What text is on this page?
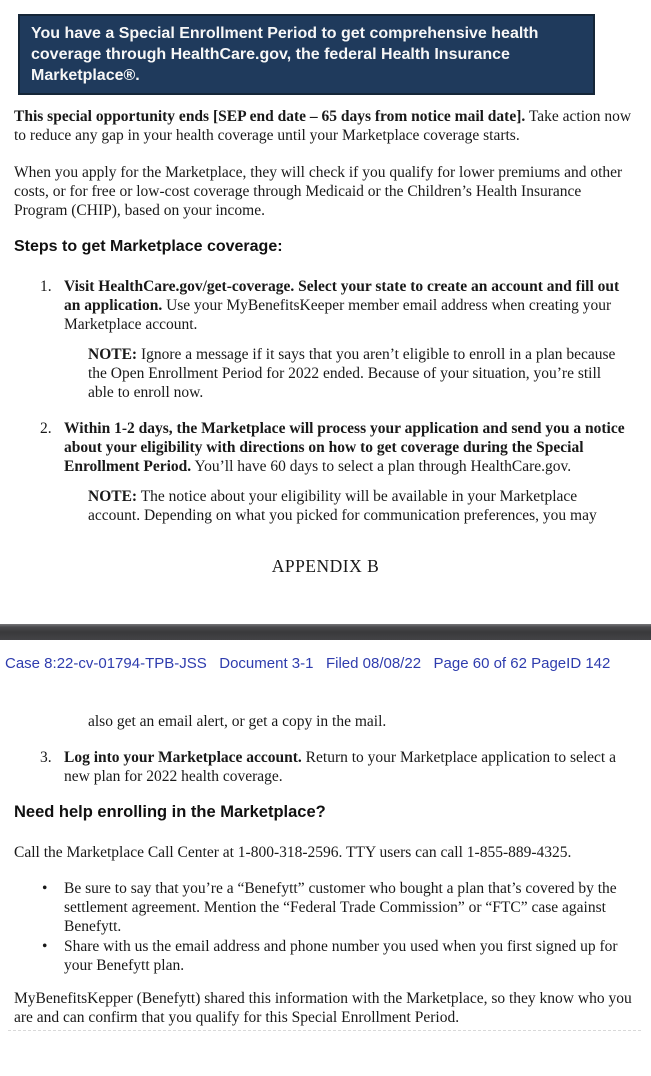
You have a Special Enrollment Period to get comprehensive health coverage through HealthCare.gov, the federal Health Insurance Marketplace®.

This special opportunity ends [SEP end date – 65 days from notice mail date]. Take action now to reduce any gap in your health coverage until your Marketplace coverage starts.

When you apply for the Marketplace, they will check if you qualify for lower premiums and other costs, or for free or low-cost coverage through Medicaid or the Children’s Health Insurance Program (CHIP), based on your income.

Steps to get Marketplace coverage:
1. Visit HealthCare.gov/get-coverage. Select your state to create an account and fill out an application. Use your MyBenefitsKeeper member email address when creating your Marketplace account.

NOTE: Ignore a message if it says that you aren’t eligible to enroll in a plan because the Open Enrollment Period for 2022 ended. Because of your situation, you’re still able to enroll now.

2. Within 1-2 days, the Marketplace will process your application and send you a notice about your eligibility with directions on how to get coverage during the Special Enrollment Period. You’ll have 60 days to select a plan through HealthCare.gov.

NOTE: The notice about your eligibility will be available in your Marketplace account. Depending on what you picked for communication preferences, you may

APPENDIX B
Case 8:22-cv-01794-TPB-JSS   Document 3-1   Filed 08/08/22   Page 60 of 62 PageID 142

also get an email alert, or get a copy in the mail.

3. Log into your Marketplace account. Return to your Marketplace application to select a new plan for 2022 health coverage.
Need help enrolling in the Marketplace?

Call the Marketplace Call Center at 1-800-318-2596. TTY users can call 1-855-889-4325.

•	Be sure to say that you’re a “Benefytt” customer who bought a plan that’s covered by the settlement agreement. Mention the “Federal Trade Commission” or “FTC” case against Benefytt.
•	Share with us the email address and phone number you used when you first signed up for your Benefytt plan.

MyBenefitsKepper (Benefytt) shared this information with the Marketplace, so they know who you are and can confirm that you qualify for this Special Enrollment Period.
